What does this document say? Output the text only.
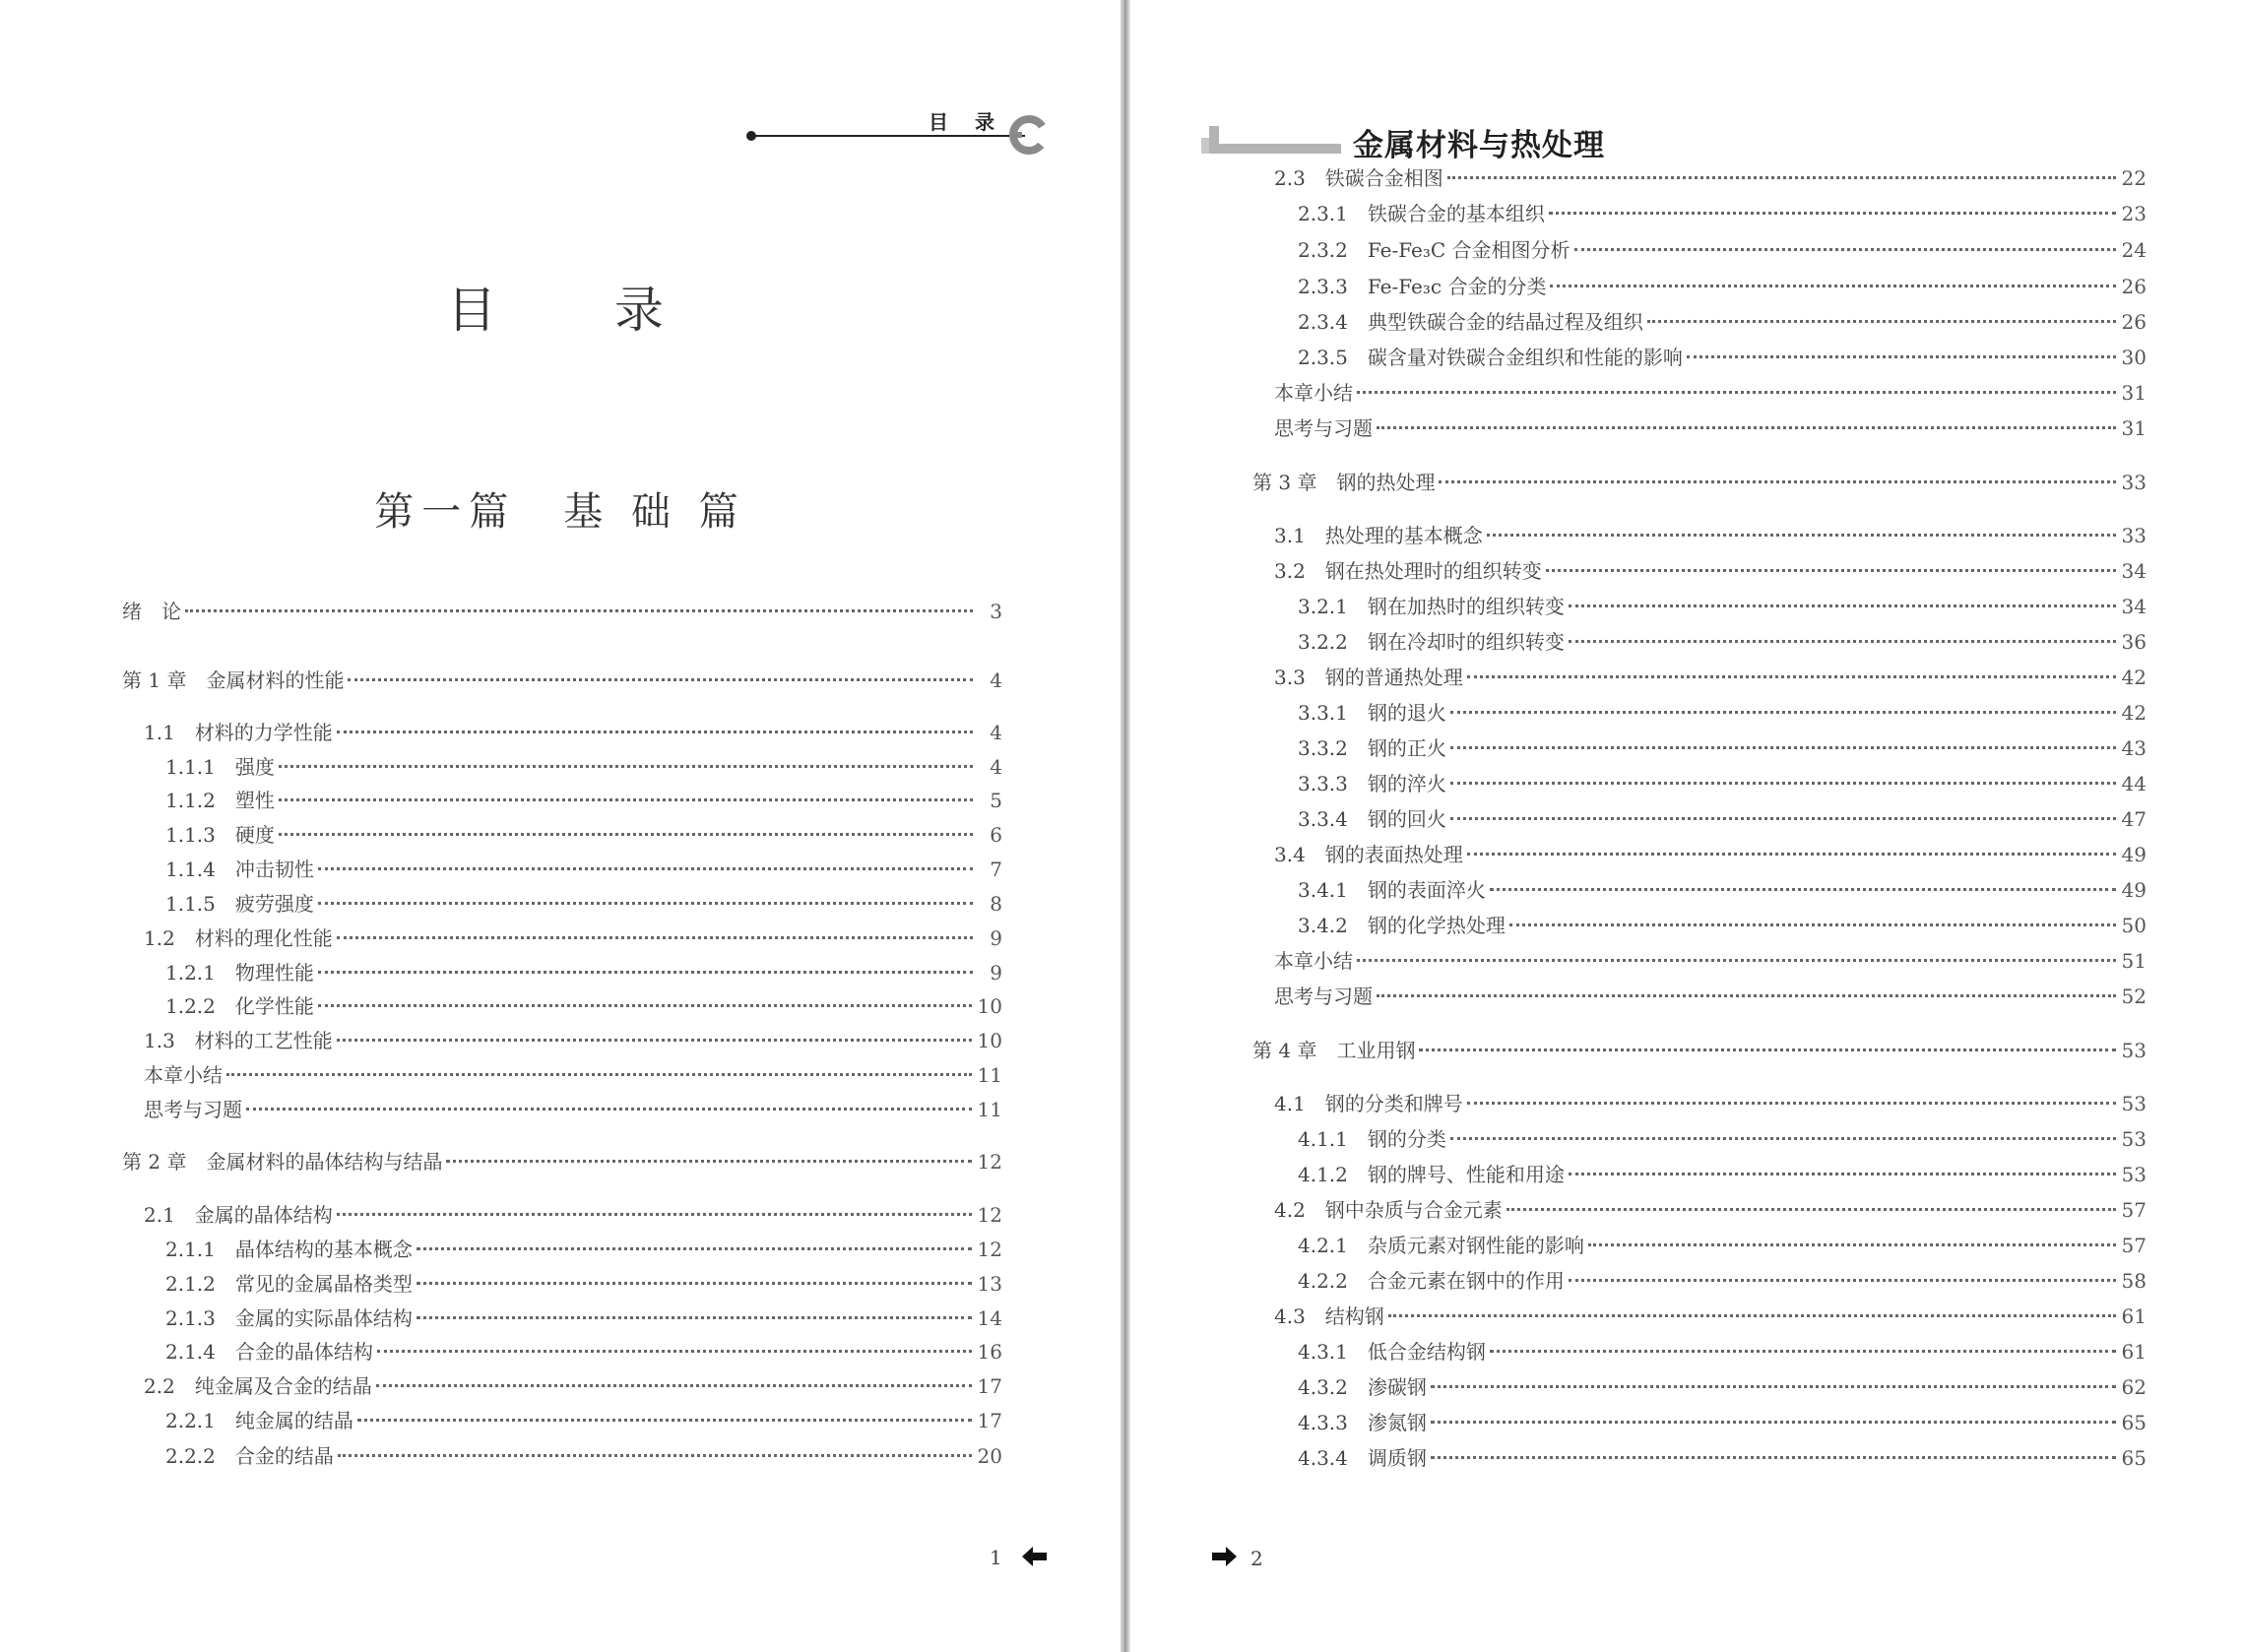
目 录
目 录
第一篇　基 础 篇
绪　论	3
第 1 章　金属材料的性能	4
1.1　材料的力学性能	4
1.1.1　强度	4
1.1.2　塑性	5
1.1.3　硬度	6
1.1.4　冲击韧性	7
1.1.5　疲劳强度	8
1.2　材料的理化性能	9
1.2.1　物理性能	9
1.2.2　化学性能	10
1.3　材料的工艺性能	10
本章小结	11
思考与习题	11
第 2 章　金属材料的晶体结构与结晶	12
2.1　金属的晶体结构	12
2.1.1　晶体结构的基本概念	12
2.1.2　常见的金属晶格类型	13
2.1.3　金属的实际晶体结构	14
2.1.4　合金的晶体结构	16
2.2　纯金属及合金的结晶	17
2.2.1　纯金属的结晶	17
2.2.2　合金的结晶	20
1
金属材料与热处理
2.3　铁碳合金相图	22
2.3.1　铁碳合金的基本组织	23
2.3.2　Fe-Fe₃C 合金相图分析	24
2.3.3　Fe-Fe₃c 合金的分类	26
2.3.4　典型铁碳合金的结晶过程及组织	26
2.3.5　碳含量对铁碳合金组织和性能的影响	30
本章小结	31
思考与习题	31
第 3 章　钢的热处理	33
3.1　热处理的基本概念	33
3.2　钢在热处理时的组织转变	34
3.2.1　钢在加热时的组织转变	34
3.2.2　钢在冷却时的组织转变	36
3.3　钢的普通热处理	42
3.3.1　钢的退火	42
3.3.2　钢的正火	43
3.3.3　钢的淬火	44
3.3.4　钢的回火	47
3.4　钢的表面热处理	49
3.4.1　钢的表面淬火	49
3.4.2　钢的化学热处理	50
本章小结	51
思考与习题	52
第 4 章　工业用钢	53
4.1　钢的分类和牌号	53
4.1.1　钢的分类	53
4.1.2　钢的牌号、性能和用途	53
4.2　钢中杂质与合金元素	57
4.2.1　杂质元素对钢性能的影响	57
4.2.2　合金元素在钢中的作用	58
4.3　结构钢	61
4.3.1　低合金结构钢	61
4.3.2　渗碳钢	62
4.3.3　渗氮钢	65
4.3.4　调质钢	65
2
